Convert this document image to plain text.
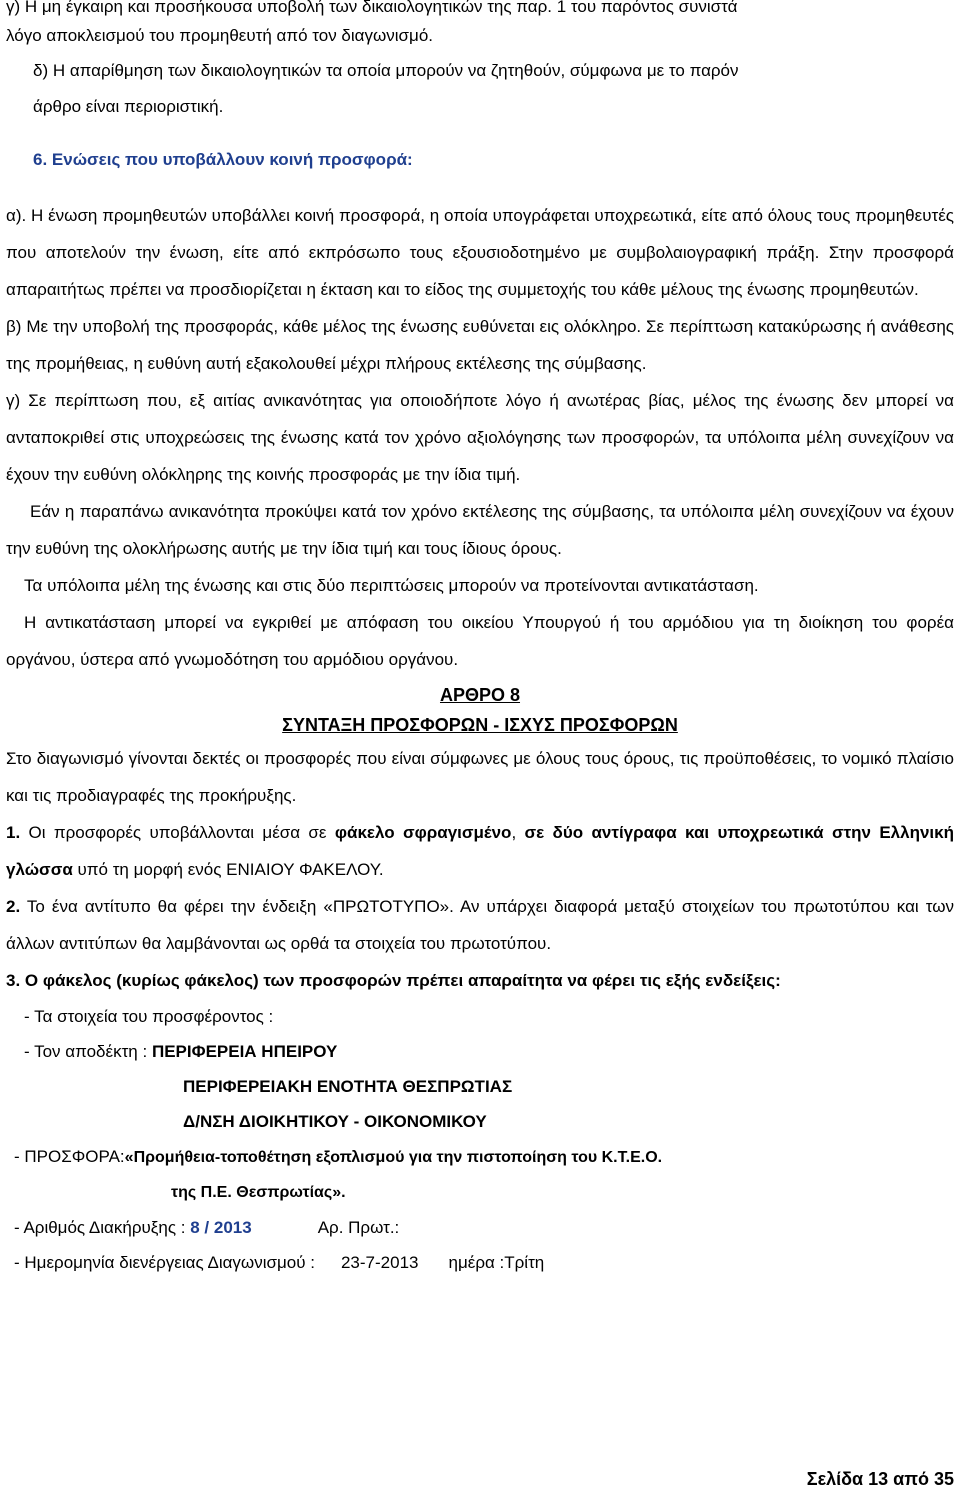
γ) Η μη έγκαιρη και προσήκουσα υποβολή των δικαιολογητικών της παρ. 1 του παρόντος συνιστά

λόγο αποκλεισμού του προμηθευτή από τον διαγωνισμό.

δ) Η απαρίθμηση των δικαιολογητικών τα οποία μπορούν να ζητηθούν, σύμφωνα με το παρόν

άρθρο είναι περιοριστική.

6. Ενώσεις που υποβάλλουν κοινή προσφορά:

α). Η ένωση προμηθευτών υποβάλλει κοινή προσφορά, η οποία υπογράφεται υποχρεωτικά, είτε από όλους τους προμηθευτές που αποτελούν την ένωση, είτε από εκπρόσωπο τους εξουσιοδοτημένο με συμβολαιογραφική πράξη. Στην προσφορά απαραιτήτως πρέπει να προσδιορίζεται η έκταση και το είδος της συμμετοχής του κάθε μέλους της ένωσης προμηθευτών.

β) Με την υποβολή της προσφοράς, κάθε μέλος της ένωσης ευθύνεται εις ολόκληρο. Σε περίπτωση κατακύρωσης ή ανάθεσης της προμήθειας, η ευθύνη αυτή εξακολουθεί μέχρι πλήρους εκτέλεσης της σύμβασης.

γ) Σε περίπτωση που, εξ αιτίας ανικανότητας για οποιοδήποτε λόγο ή ανωτέρας βίας, μέλος της ένωσης δεν μπορεί να ανταποκριθεί στις υποχρεώσεις της ένωσης κατά τον χρόνο αξιολόγησης των προσφορών, τα υπόλοιπα μέλη συνεχίζουν να έχουν την ευθύνη ολόκληρης της κοινής προσφοράς με την ίδια τιμή.

Εάν η παραπάνω ανικανότητα προκύψει κατά τον χρόνο εκτέλεσης της σύμβασης, τα υπόλοιπα μέλη συνεχίζουν να έχουν την ευθύνη της ολοκλήρωσης αυτής με την ίδια τιμή και τους ίδιους όρους.

Τα υπόλοιπα μέλη της ένωσης και στις δύο περιπτώσεις μπορούν να προτείνονται αντικατάσταση.

Η αντικατάσταση μπορεί να εγκριθεί με απόφαση του οικείου Υπουργού ή του αρμόδιου για τη διοίκηση του φορέα οργάνου, ύστερα από γνωμοδότηση του αρμόδιου οργάνου.

ΑΡΘΡΟ 8
ΣΥΝΤΑΞΗ ΠΡΟΣΦΟΡΩΝ - ΙΣΧΥΣ ΠΡΟΣΦΟΡΩΝ

Στο διαγωνισμό γίνονται δεκτές οι προσφορές που είναι σύμφωνες με όλους τους όρους, τις προϋποθέσεις, το νομικό πλαίσιο και τις προδιαγραφές της προκήρυξης.

1. Οι προσφορές υποβάλλονται μέσα σε φάκελο σφραγισμένο, σε δύο αντίγραφα και υποχρεωτικά στην Ελληνική γλώσσα υπό τη μορφή ενός ΕΝΙΑΙΟΥ ΦΑΚΕΛΟΥ.

2. Το ένα αντίτυπο θα φέρει την ένδειξη «ΠΡΩΤΟΤΥΠΟ». Αν υπάρχει διαφορά μεταξύ στοιχείων του πρωτοτύπου και των άλλων αντιτύπων θα λαμβάνονται ως ορθά τα στοιχεία του πρωτοτύπου.

3. Ο φάκελος (κυρίως φάκελος) των προσφορών πρέπει απαραίτητα να φέρει τις εξής ενδείξεις:

- Τα στοιχεία του προσφέροντος :
- Τον αποδέκτη : ΠΕΡΙΦΕΡΕΙΑ ΗΠΕΙΡΟΥ
ΠΕΡΙΦΕΡΕΙΑΚΗ ΕΝΟΤΗΤΑ ΘΕΣΠΡΩΤΙΑΣ
Δ/ΝΣΗ ΔΙΟΙΚΗΤΙΚΟΥ - ΟΙΚΟΝΟΜΙΚΟΥ
- ΠΡΟΣΦΟΡΑ:«Προμήθεια-τοποθέτηση εξοπλισμού για την πιστοποίηση του Κ.Τ.Ε.Ο.
της Π.Ε. Θεσπρωτίας».
- Αριθμός Διακήρυξης : 8 / 2013	Αρ. Πρωτ.:
- Ημερομηνία διενέργειας Διαγωνισμού : 23-7-2013 ημέρα :Τρίτη
Σελίδα 13 από 35
